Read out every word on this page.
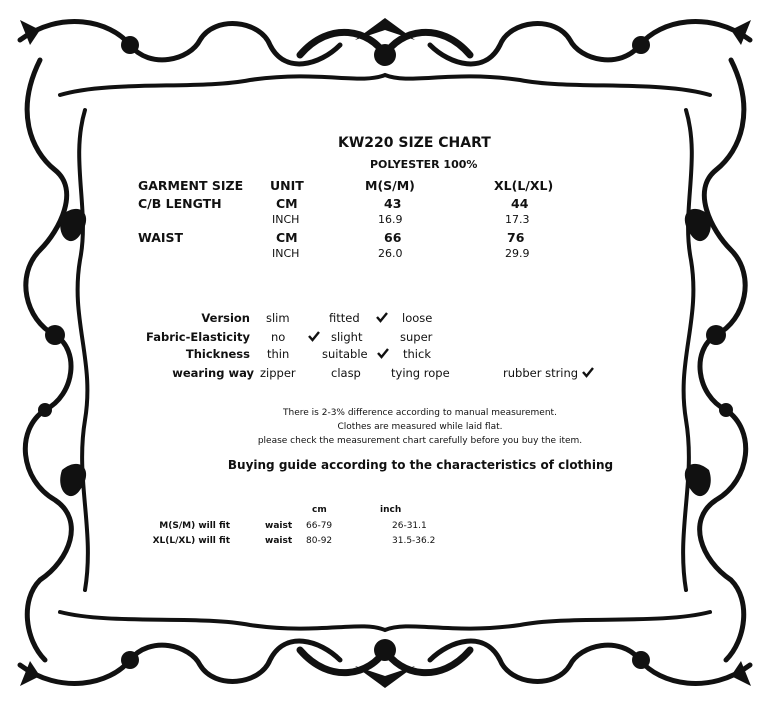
KW220 SIZE CHART
POLYESTER 100%
GARMENT SIZE UNIT	M(S/M)	XL(L/XL)
C/B LENGTH	CM	43	44
INCH	16.9	17.3
WAIST	CM	66	76
INCH	26.0	29.9
Version slim	fitted	loose
Fabric-Elasticity no	slight	super
Thickness thin	suitable	thick
wearing way zipper	clasp	tying rope	rubber string
There is 2-3% difference according to manual measurement.
Clothes are measured while laid flat.
please check the measurement chart carefully before you buy the item.
Buying guide according to the characteristics of clothing
cm	inch
M(S/M) will fit	waist 66-79	26-31.1
XL(L/XL) will fit	waist 80-92	31.5-36.2
